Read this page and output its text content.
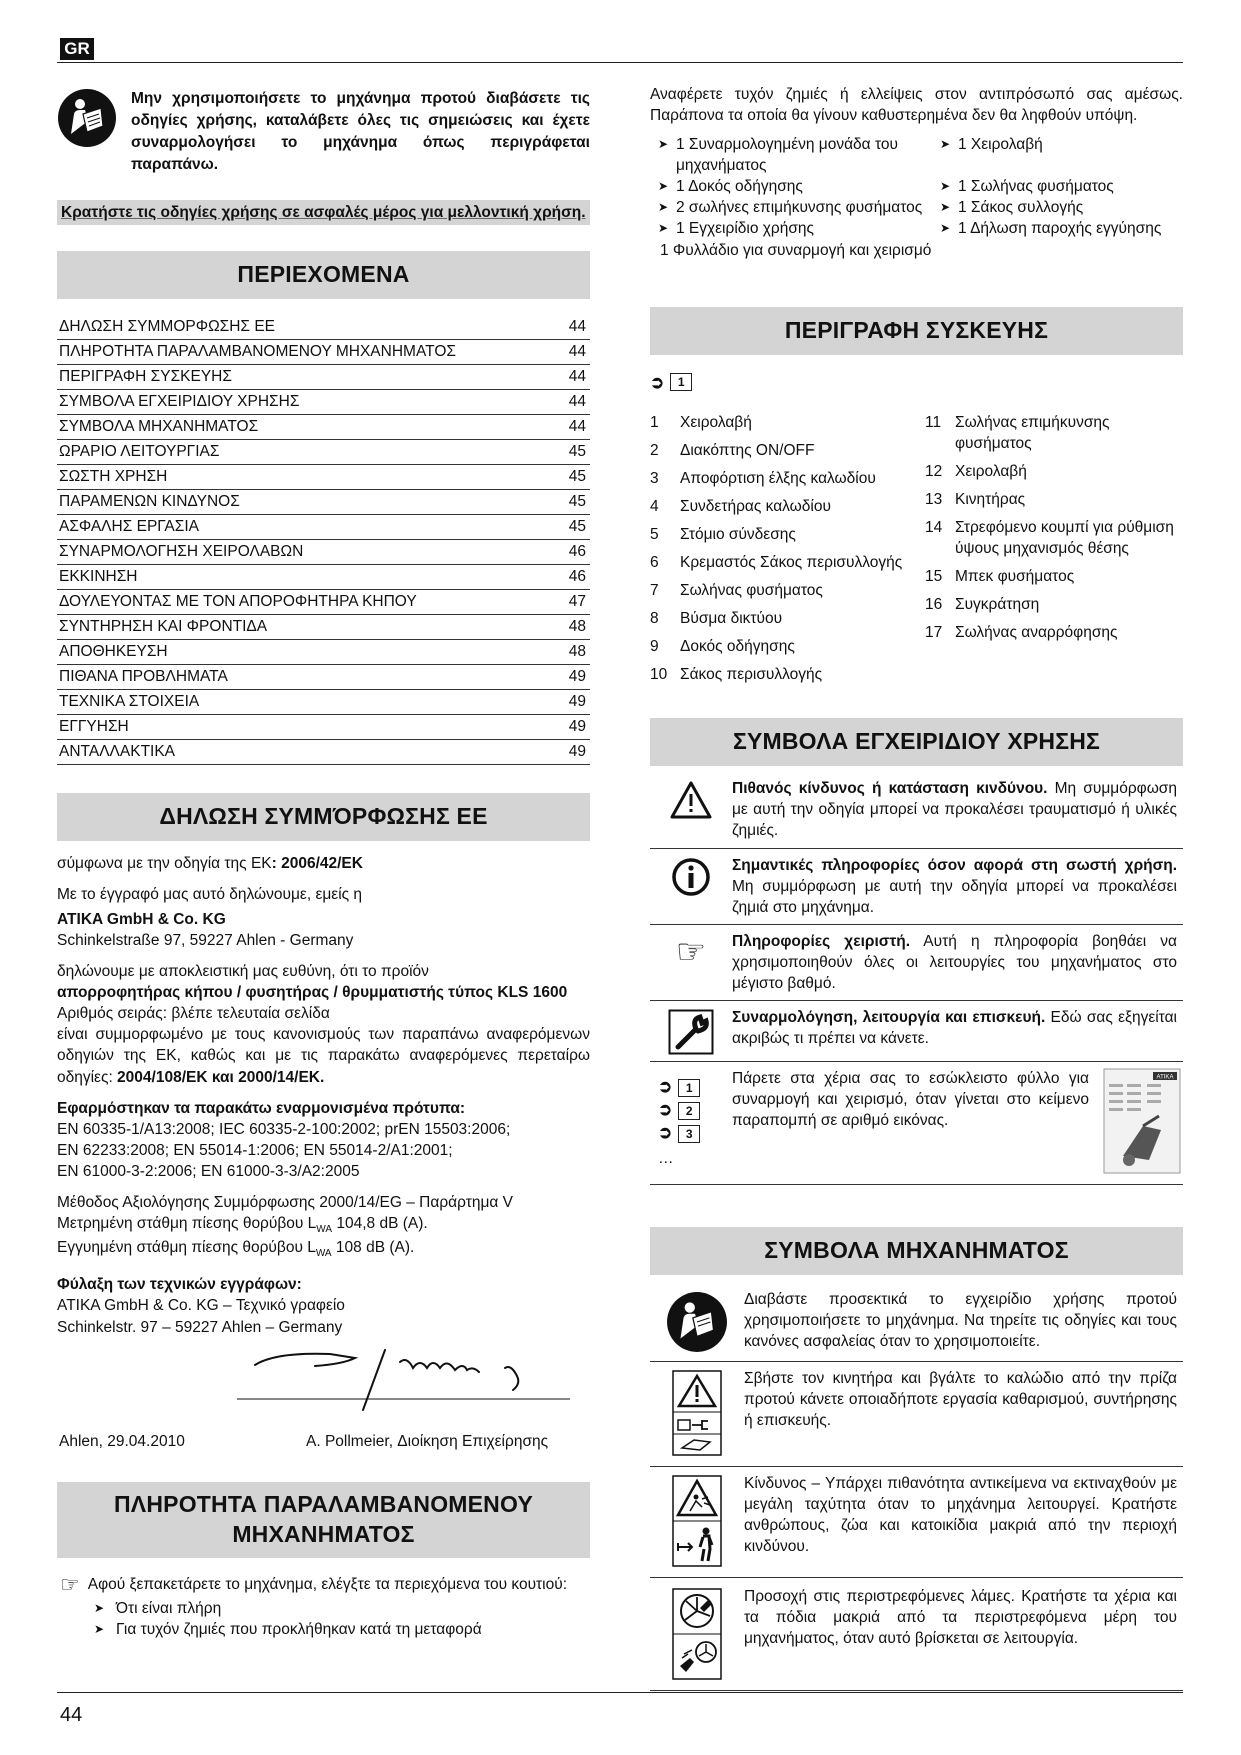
GR
Μην χρησιμοποιήσετε το μηχάνημα προτού διαβάσετε τις οδηγίες χρήσης, καταλάβετε όλες τις σημειώσεις και έχετε συναρμολογήσει το μηχάνημα όπως περιγράφεται παραπάνω.
Κρατήστε τις οδηγίες χρήσης σε ασφαλές μέρος για μελλοντική χρήση.
ΠΕΡΙΕΧΟΜΕΝΑ
ΔΗΛΩΣΗ ΣΥΜΜΟΡΦΩΣΗΣ ΕΕ	44
ΠΛΗΡΟΤΗΤΑ ΠΑΡΑΛΑΜΒΑΝΟΜΕΝΟΥ ΜΗΧΑΝΗΜΑΤΟΣ	44
ΠΕΡΙΓΡΑΦΗ ΣΥΣΚΕΥΗΣ	44
ΣΥΜΒΟΛΑ ΕΓΧΕΙΡΙΔΙΟΥ ΧΡΗΣΗΣ	44
ΣΥΜΒΟΛΑ ΜΗΧΑΝΗΜΑΤΟΣ	44
ΩΡΑΡΙΟ ΛΕΙΤΟΥΡΓΙΑΣ	45
ΣΩΣΤΗ ΧΡΗΣΗ	45
ΠΑΡΑΜΕΝΩΝ ΚΙΝΔΥΝΟΣ	45
ΑΣΦΑΛΗΣ ΕΡΓΑΣΙΑ	45
ΣΥΝΑΡΜΟΛΟΓΗΣΗ ΧΕΙΡΟΛΑΒΩΝ	46
ΕΚΚΙΝΗΣΗ	46
ΔΟΥΛΕΥΟΝΤΑΣ ΜΕ ΤΟΝ ΑΠΟΡΟΦΗΤΗΡΑ ΚΗΠΟΥ	47
ΣΥΝΤΗΡΗΣΗ ΚΑΙ ΦΡΟΝΤΙΔΑ	48
ΑΠΟΘΗΚΕΥΣΗ	48
ΠΙΘΑΝΑ ΠΡΟΒΛΗΜΑΤΑ	49
ΤΕΧΝΙΚΑ ΣΤΟΙΧΕΙΑ	49
ΕΓΓΥΗΣΗ	49
ΑΝΤΑΛΛΑΚΤΙΚΑ	49
ΔΗΛΩΣΗ ΣΥΜΜΌΡΦΩΣΗΣ ΕΕ
σύμφωνα με την οδηγία της ΕΚ: 2006/42/ΕΚ
Με το έγγραφό μας αυτό δηλώνουμε, εμείς η
ATIKA GmbH & Co. KG
Schinkelstraße 97, 59227 Ahlen - Germany
δηλώνουμε με αποκλειστική μας ευθύνη, ότι το προϊόν
απορροφητήρας κήπου / φυσητήρας / θρυμματιστής τύπος KLS 1600
Αριθμός σειράς: βλέπε τελευταία σελίδα
είναι συμμορφωμένο με τους κανονισμούς των παραπάνω αναφερόμενων οδηγιών της ΕΚ, καθώς και με τις παρακάτω αναφερόμενες περεταίρω οδηγίες: 2004/108/ΕΚ και 2000/14/ΕΚ.
Εφαρμόστηκαν τα παρακάτω εναρμονισμένα πρότυπα:
EN 60335-1/A13:2008; IEC 60335-2-100:2002; prEN 15503:2006;
EN 62233:2008; EN 55014-1:2006; EN 55014-2/A1:2001;
EN 61000-3-2:2006; EN 61000-3-3/A2:2005
Μέθοδος Αξιολόγησης Συμμόρφωσης 2000/14/EG – Παράρτημα V
Μετρημένη στάθμη πίεσης θορύβου $L_{WA}$ 104,8 dB (A).
Εγγυημένη στάθμη πίεσης θορύβου $L_{WA}$ 108 dB (A).
Φύλαξη των τεχνικών εγγράφων:
ATIKA GmbH & Co. KG – Τεχνικό γραφείο
Schinkelstr. 97 – 59227 Ahlen – Germany
Ahlen, 29.04.2010	A. Pollmeier, Διοίκηση Επιχείρησης
ΠΛΗΡΟΤΗΤΑ ΠΑΡΑΛΑΜΒΑΝΟΜΕΝΟΥ ΜΗΧΑΝΗΜΑΤΟΣ
☞ Αφού ξεπακετάρετε το μηχάνημα, ελέγξτε τα περιεχόμενα του κουτιού:
➤ Ότι είναι πλήρη
➤ Για τυχόν ζημιές που προκλήθηκαν κατά τη μεταφορά
Αναφέρετε τυχόν ζημιές ή ελλείψεις στον αντιπρόσωπό σας αμέσως. Παράπονα τα οποία θα γίνουν καθυστερημένα δεν θα ληφθούν υπόψη.
➤ 1 Συναρμολογημένη μονάδα του μηχανήματος
➤ 1 Δοκός οδήγησης
➤ 2 σωλήνες επιμήκυνσης φυσήματος
➤ 1 Εγχειρίδιο χρήσης
➤ 1 Χειρολαβή
➤ 1 Σωλήνας φυσήματος
➤ 1 Σάκος συλλογής
➤ 1 Δήλωση παροχής εγγύησης
1 Φυλλάδιο για συναρμογή και χειρισμό
ΠΕΡΙΓΡΑΦΗ ΣΥΣΚΕΥΗΣ
➲	1
1	Χειρολαβή
2	Διακόπτης ON/OFF
3	Αποφόρτιση έλξης καλωδίου
4	Συνδετήρας καλωδίου
5	Στόμιο σύνδεσης
6	Κρεμαστός Σάκος περισυλλογής
7	Σωλήνας φυσήματος
8	Βύσμα δικτύου
9	Δοκός οδήγησης
10 Σάκος περισυλλογής
11 Σωλήνας επιμήκυνσης φυσήματος
12 Χειρολαβή
13 Κινητήρας
14 Στρεφόμενο κουμπί για ρύθμιση ύψους μηχανισμός θέσης
15 Μπεκ φυσήματος
16 Συγκράτηση
17 Σωλήνας αναρρόφησης
ΣΥΜΒΟΛΑ ΕΓΧΕΙΡΙΔΙΟΥ ΧΡΗΣΗΣ
Πιθανός κίνδυνος ή κατάσταση κινδύνου. Μη συμμόρφωση με αυτή την οδηγία μπορεί να προκαλέσει τραυματισμό ή υλικές ζημιές.
Σημαντικές πληροφορίες όσον αφορά στη σωστή χρήση. Μη συμμόρφωση με αυτή την οδηγία μπορεί να προκαλέσει ζημιά στο μηχάνημα.
☞ Πληροφορίες χειριστή. Αυτή η πληροφορία βοηθάει να χρησιμοποιηθούν όλες οι λειτουργίες του μηχανήματος στο μέγιστο βαθμό.
Συναρμολόγηση, λειτουργία και επισκευή. Εδώ σας εξηγείται ακριβώς τι πρέπει να κάνετε.
➲ 1
➲ 2
➲ 3
…
Πάρετε στα χέρια σας το εσώκλειστο φύλλο για συναρμογή και χειρισμό, όταν γίνεται στο κείμενο παραπομπή σε αριθμό εικόνας.
ATIKA
ΣΥΜΒΟΛΑ ΜΗΧΑΝΗΜΑΤΟΣ
Διαβάστε προσεκτικά το εγχειρίδιο χρήσης προτού χρησιμοποιήσετε το μηχάνημα. Να τηρείτε τις οδηγίες και τους κανόνες ασφαλείας όταν το χρησιμοποιείτε.
Σβήστε τον κινητήρα και βγάλτε το καλώδιο από την πρίζα προτού κάνετε οποιαδήποτε εργασία καθαρισμού, συντήρησης ή επισκευής.
Κίνδυνος – Υπάρχει πιθανότητα αντικείμενα να εκτιναχθούν με μεγάλη ταχύτητα όταν το μηχάνημα λειτουργεί. Κρατήστε ανθρώπους, ζώα και κατοικίδια μακριά από την περιοχή κινδύνου.
Προσοχή στις περιστρεφόμενες λάμες. Κρατήστε τα χέρια και τα πόδια μακριά από τα περιστρεφόμενα μέρη του μηχανήματος, όταν αυτό βρίσκεται σε λειτουργία.
44
